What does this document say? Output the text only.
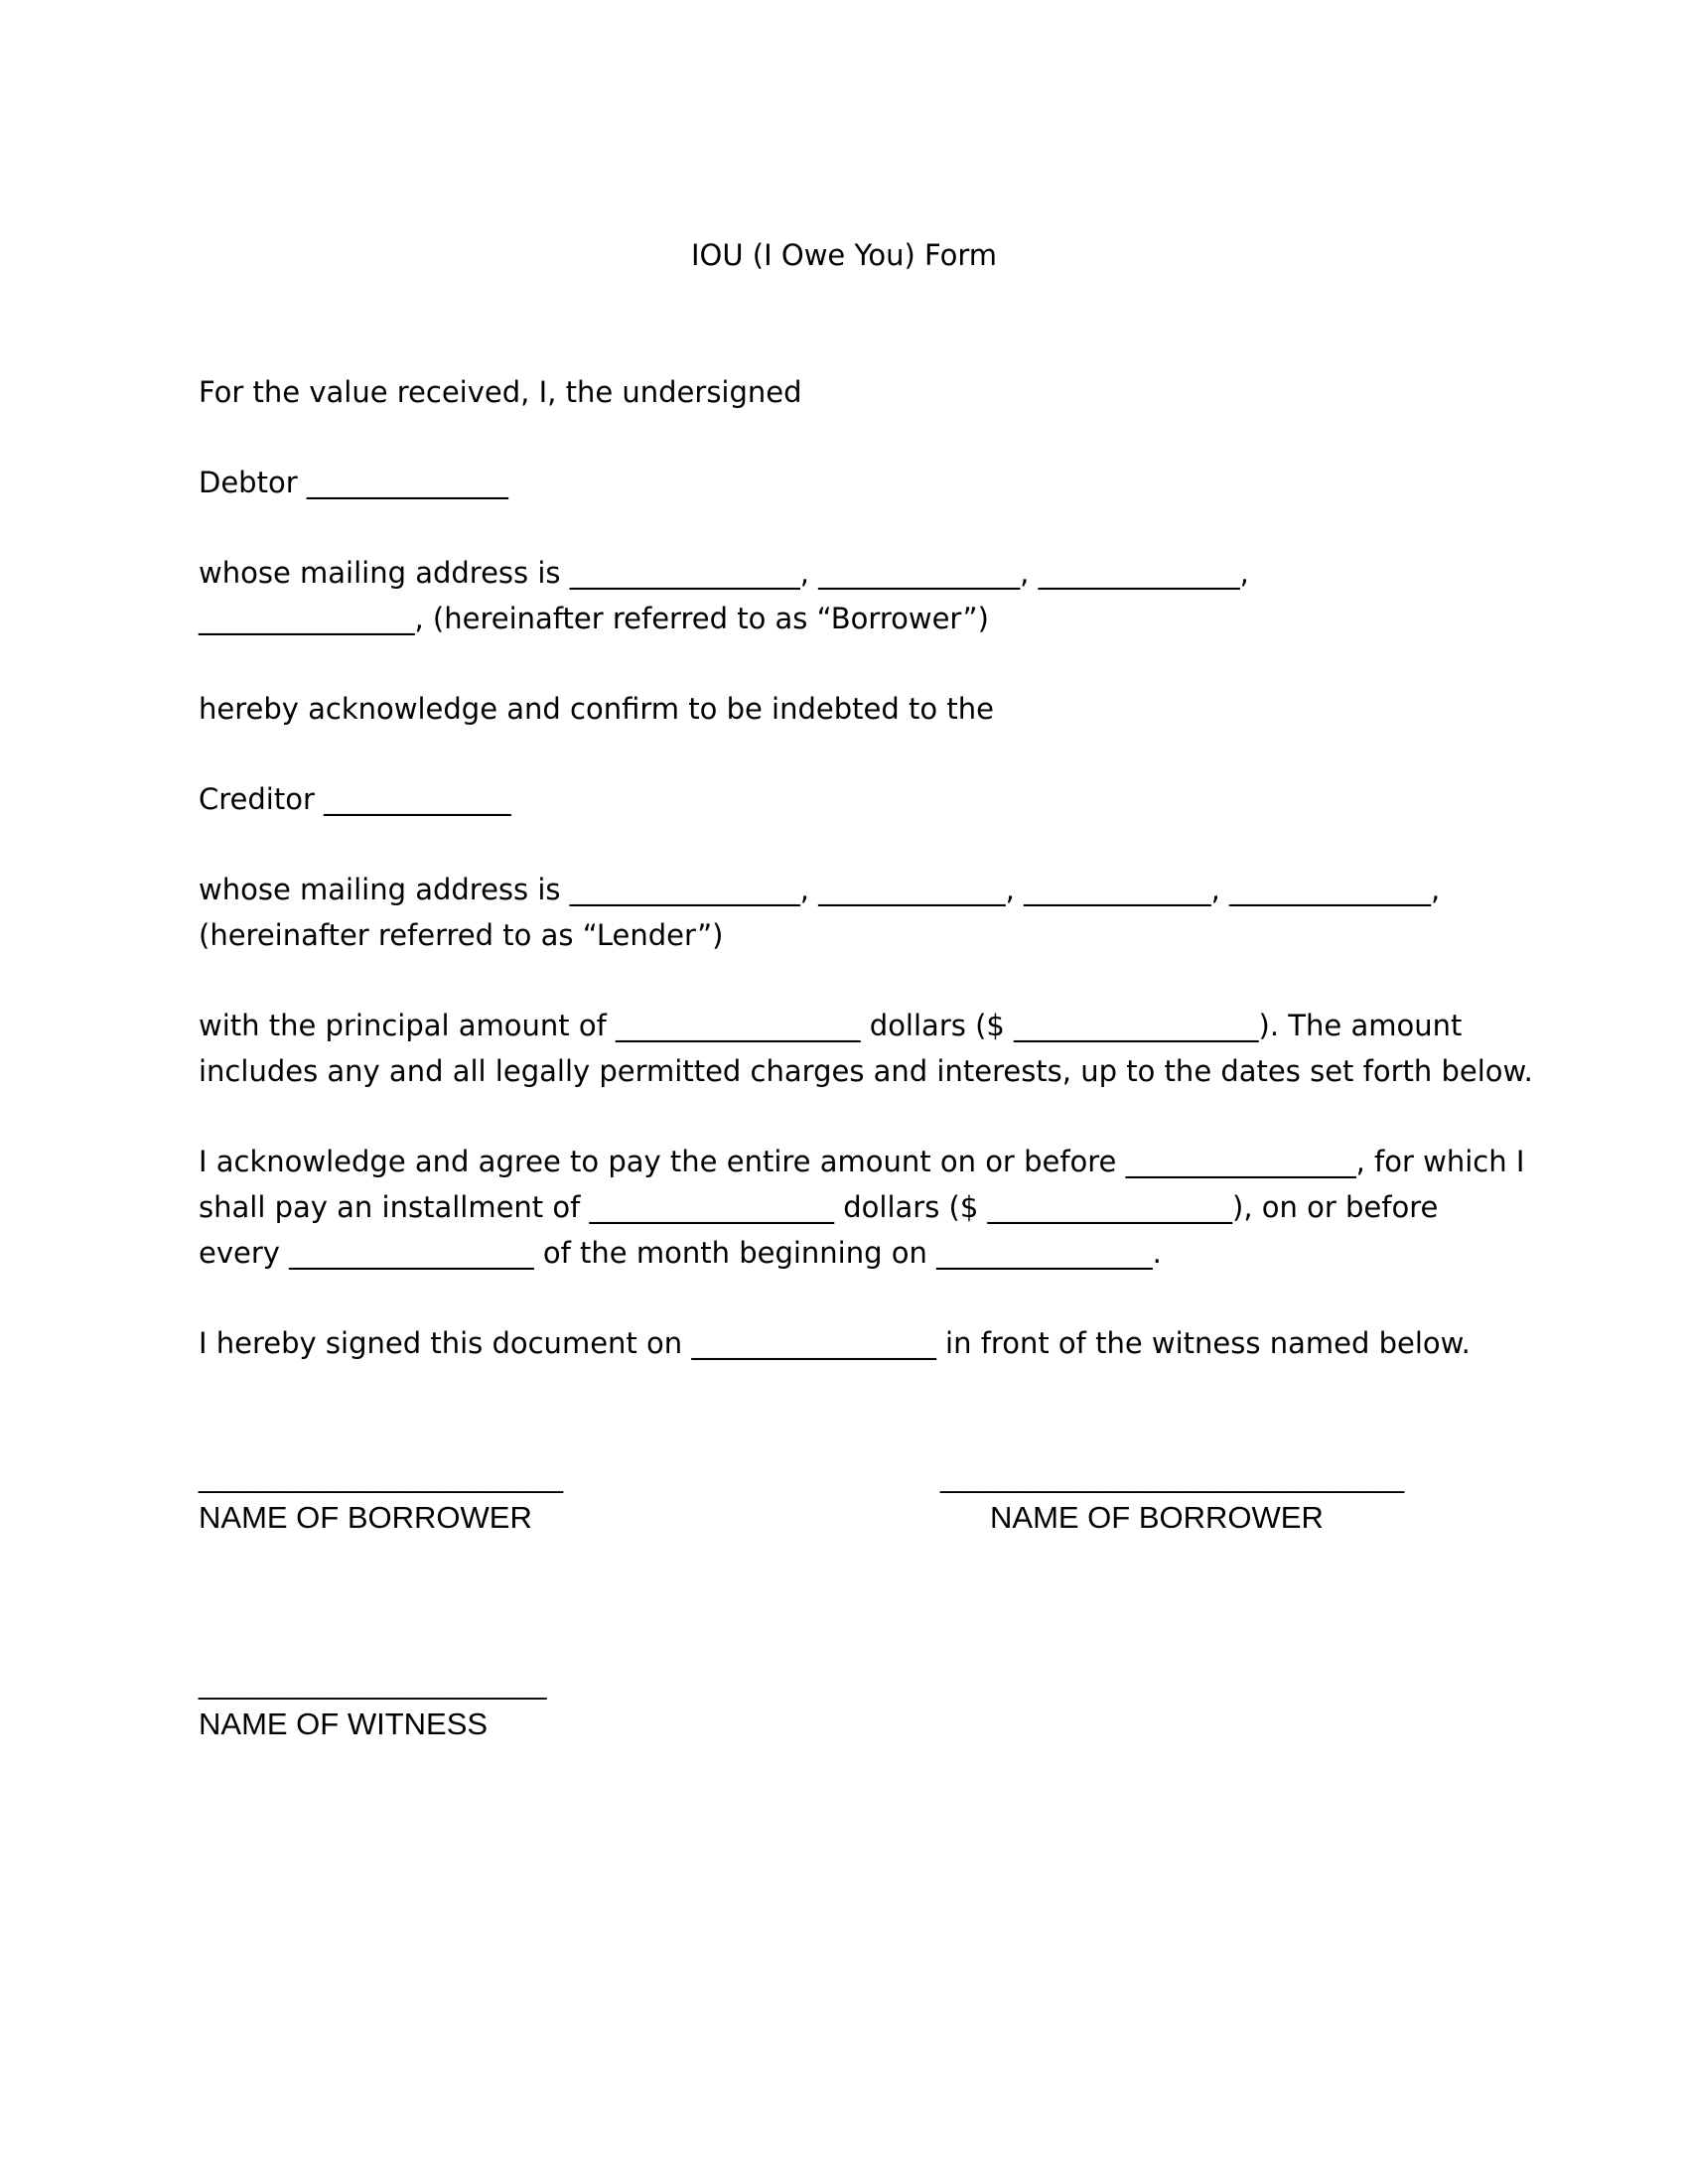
IOU (I Owe You) Form
For the value received, I, the undersigned
Debtor ______________
whose mailing address is ________________, ______________, ______________,
_______________, (hereinafter referred to as “Borrower”)
hereby acknowledge and confirm to be indebted to the
Creditor _____________
whose mailing address is ________________, _____________, _____________, ______________,
(hereinafter referred to as “Lender”)
with the principal amount of _________________ dollars ($ _________________). The amount
includes any and all legally permitted charges and interests, up to the dates set forth below.
I acknowledge and agree to pay the entire amount on or before ________________, for which I
shall pay an installment of _________________ dollars ($ _________________), on or before
every _________________ of the month beginning on _______________.
I hereby signed this document on _________________ in front of the witness named below.
______________________
NAME OF BORROWER
____________________________
NAME OF BORROWER
_____________________
NAME OF WITNESS
